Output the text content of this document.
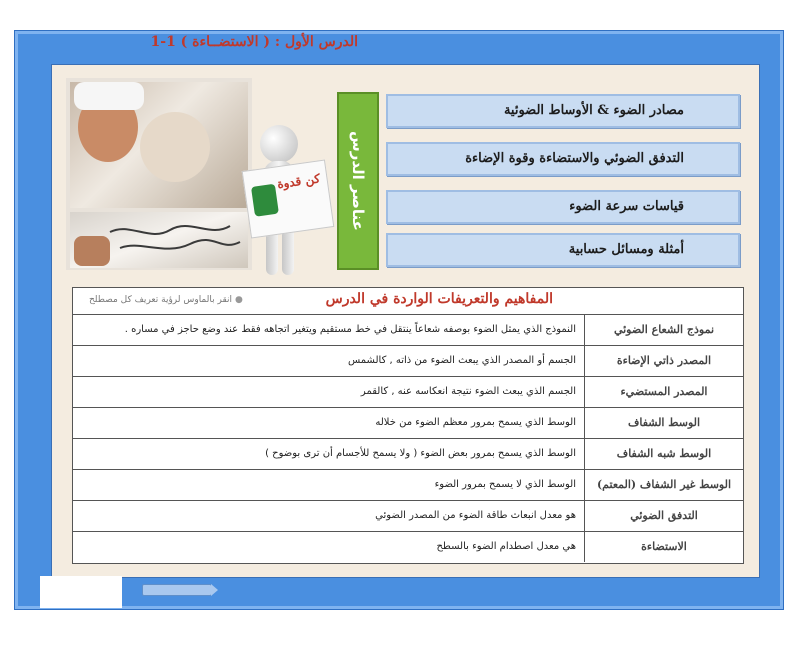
الدرس الأول : ( الاستضــاءة ) 1-1
كن قدوة عناصر الدرس
مصادر الضوء & الأوساط الضوئية
التدفق الضوئي والاستضاءة وقوة الإضاءة
قياسات سرعة الضوء
أمثلة ومسائل حسابية
المفاهيم والتعريفات الواردة في الدرس
●انقر بالماوس لرؤية تعريف كل مصطلح
النموذج الذي يمثل الضوء بوصفه شعاعاً ينتقل في خط مستقيم ويتغير اتجاهه فقط عند وضع حاجز في مساره .	نموذج الشعاع الضوئي
الجسم أو المصدر الذي يبعث الضوء من ذاته , كالشمس	المصدر ذاتي الإضاءة
الجسم الذي يبعث الضوء نتيجة انعكاسه عنه , كالقمر	المصدر المستضيء
الوسط الذي يسمح بمرور معظم الضوء من خلاله	الوسط الشفاف
الوسط الذي يسمح بمرور بعض الضوء ( ولا يسمح للأجسام أن ترى بوضوح )	الوسط شبه الشفاف
الوسط الذي لا يسمح بمرور الضوء	الوسط غير الشفاف (المعتم)
هو معدل انبعاث طاقة الضوء من المصدر الضوئي	التدفق الضوئي
هي معدل اصطدام الضوء بالسطح	الاستضاءة
